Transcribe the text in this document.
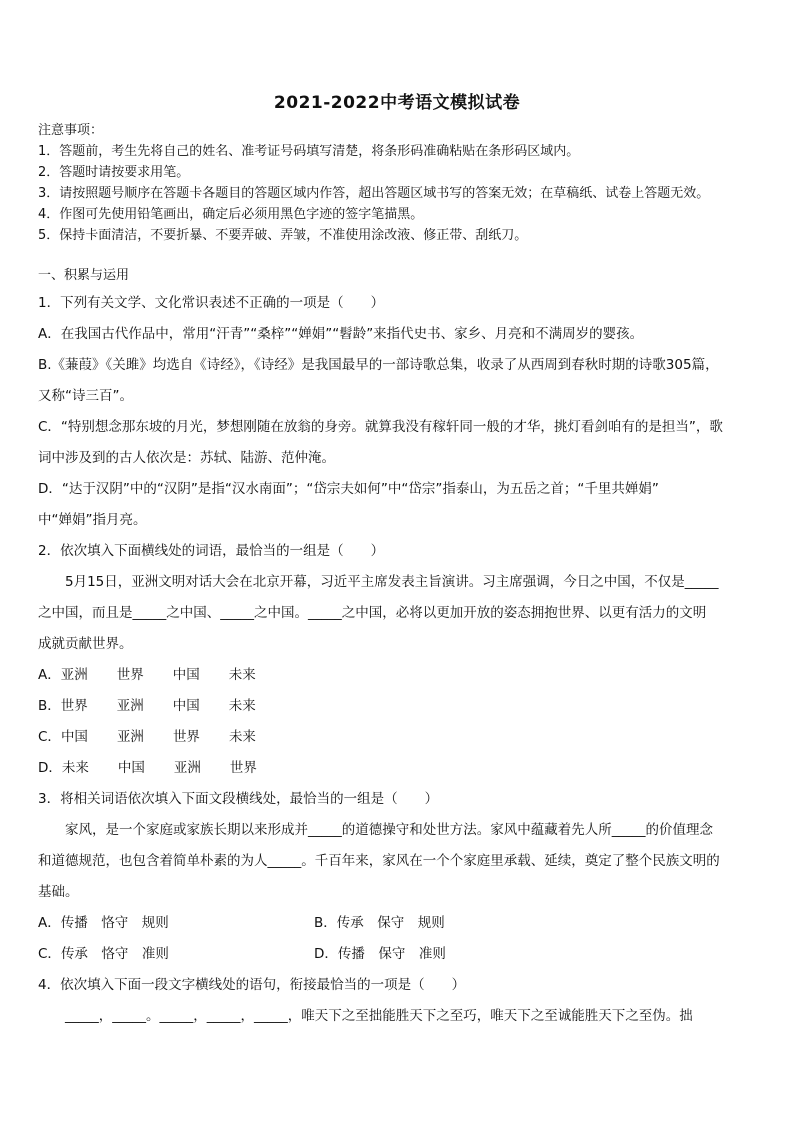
2021-2022中考语文模拟试卷
注意事项：
1．答题前，考生先将自己的姓名、准考证号码填写清楚，将条形码准确粘贴在条形码区域内。
2．答题时请按要求用笔。
3．请按照题号顺序在答题卡各题目的答题区域内作答，超出答题区域书写的答案无效；在草稿纸、试卷上答题无效。
4．作图可先使用铅笔画出，确定后必须用黑色字迹的签字笔描黑。
5．保持卡面清洁，不要折暴、不要弄破、弄皱，不准使用涂改液、修正带、刮纸刀。
一、积累与运用
1．下列有关文学、文化常识表述不正确的一项是（　　）
A．在我国古代作品中，常用“汗青”“桑梓”“婵娟”“髫龄”来指代史书、家乡、月亮和不满周岁的婴孩。
B.《蒹葭》《关雎》均选自《诗经》，《诗经》是我国最早的一部诗歌总集，收录了从西周到春秋时期的诗歌305篇，
又称“诗三百”。
C．“特别想念那东坡的月光，梦想刚随在放翁的身旁。就算我没有稼轩同一般的才华，挑灯看剑咱有的是担当”，歌
词中涉及到的古人依次是：苏轼、陆游、范仲淹。
D．“达于汉阴”中的“汉阴”是指“汉水南面”；“岱宗夫如何”中“岱宗”指泰山，为五岳之首；“千里共婵娟”
中“婵娟”指月亮。
2．依次填入下面横线处的词语，最恰当的一组是（　　）
5月15日，亚洲文明对话大会在北京开幕，习近平主席发表主旨演讲。习主席强调，今日之中国，不仅是_____
之中国，而且是_____之中国、_____之中国。_____之中国，必将以更加开放的姿态拥抱世界、以更有活力的文明
成就贡献世界。
A．亚洲 世界 中国 未来
B．世界 亚洲 中国 未来
C．中国 亚洲 世界 未来
D．未来 中国 亚洲 世界
3．将相关词语依次填入下面文段横线处，最恰当的一组是（　　）
家风，是一个家庭或家族长期以来形成并_____的道德操守和处世方法。家风中蕴藏着先人所_____的价值理念
和道德规范，也包含着简单朴素的为人_____。千百年来，家风在一个个家庭里承载、延续，奠定了整个民族文明的
基础。
A．传播　恪守　规则	B．传承　保守　规则
C．传承　恪守　准则	D．传播　保守　准则
4．依次填入下面一段文字横线处的语句，衔接最恰当的一项是（　　）
_____，_____。_____，_____，_____，唯天下之至拙能胜天下之至巧，唯天下之至诚能胜天下之至伪。拙
